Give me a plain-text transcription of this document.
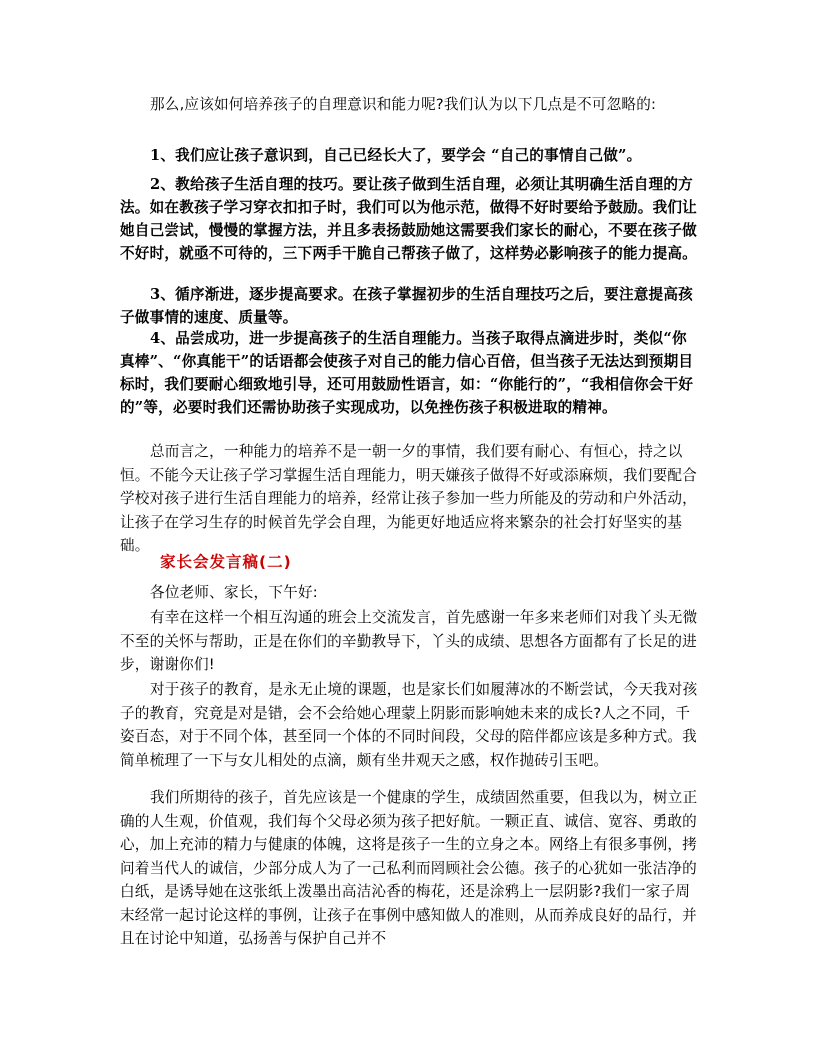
那么,应该如何培养孩子的自理意识和能力呢?我们认为以下几点是不可忽略的:

1、我们应让孩子意识到，自己已经长大了，要学会 “自己的事情自己做”。

2、教给孩子生活自理的技巧。要让孩子做到生活自理，必须让其明确生活自理的方法。如在教孩子学习穿衣扣扣子时，我们可以为他示范，做得不好时要给予鼓励。我们让她自己尝试，慢慢的掌握方法，并且多表扬鼓励她这需要我们家长的耐心，不要在孩子做不好时，就亟不可待的，三下两手干脆自己帮孩子做了，这样势必影响孩子的能力提高。

3、循序渐进，逐步提高要求。在孩子掌握初步的生活自理技巧之后，要注意提高孩子做事情的速度、质量等。

4、品尝成功，进一步提高孩子的生活自理能力。当孩子取得点滴进步时，类似“你真棒”、“你真能干”的话语都会使孩子对自己的能力信心百倍，但当孩子无法达到预期目标时，我们要耐心细致地引导，还可用鼓励性语言，如：“你能行的”，“我相信你会干好的”等，必要时我们还需协助孩子实现成功，以免挫伤孩子积极进取的精神。

总而言之，一种能力的培养不是一朝一夕的事情，我们要有耐心、有恒心，持之以恒。不能今天让孩子学习掌握生活自理能力，明天嫌孩子做得不好或添麻烦，我们要配合学校对孩子进行生活自理能力的培养，经常让孩子参加一些力所能及的劳动和户外活动，让孩子在学习生存的时候首先学会自理，为能更好地适应将来繁杂的社会打好坚实的基础。

家长会发言稿(二)

各位老师、家长，下午好:

有幸在这样一个相互沟通的班会上交流发言，首先感谢一年多来老师们对我丫头无微不至的关怀与帮助，正是在你们的辛勤教导下，丫头的成绩、思想各方面都有了长足的进步，谢谢你们!

对于孩子的教育，是永无止境的课题，也是家长们如履薄冰的不断尝试，今天我对孩子的教育，究竟是对是错，会不会给她心理蒙上阴影而影响她未来的成长?人之不同，千姿百态，对于不同个体，甚至同一个体的不同时间段，父母的陪伴都应该是多种方式。我简单梳理了一下与女儿相处的点滴，颇有坐井观天之感，权作抛砖引玉吧。

我们所期待的孩子，首先应该是一个健康的学生，成绩固然重要，但我以为，树立正确的人生观，价值观，我们每个父母必须为孩子把好航。一颗正直、诚信、宽容、勇敢的心，加上充沛的精力与健康的体魄，这将是孩子一生的立身之本。网络上有很多事例，拷问着当代人的诚信，少部分成人为了一己私利而罔顾社会公德。孩子的心犹如一张洁净的白纸，是诱导她在这张纸上泼墨出高洁沁香的梅花，还是涂鸦上一层阴影?我们一家子周末经常一起讨论这样的事例，让孩子在事例中感知做人的准则，从而养成良好的品行，并且在讨论中知道，弘扬善与保护自己并不
